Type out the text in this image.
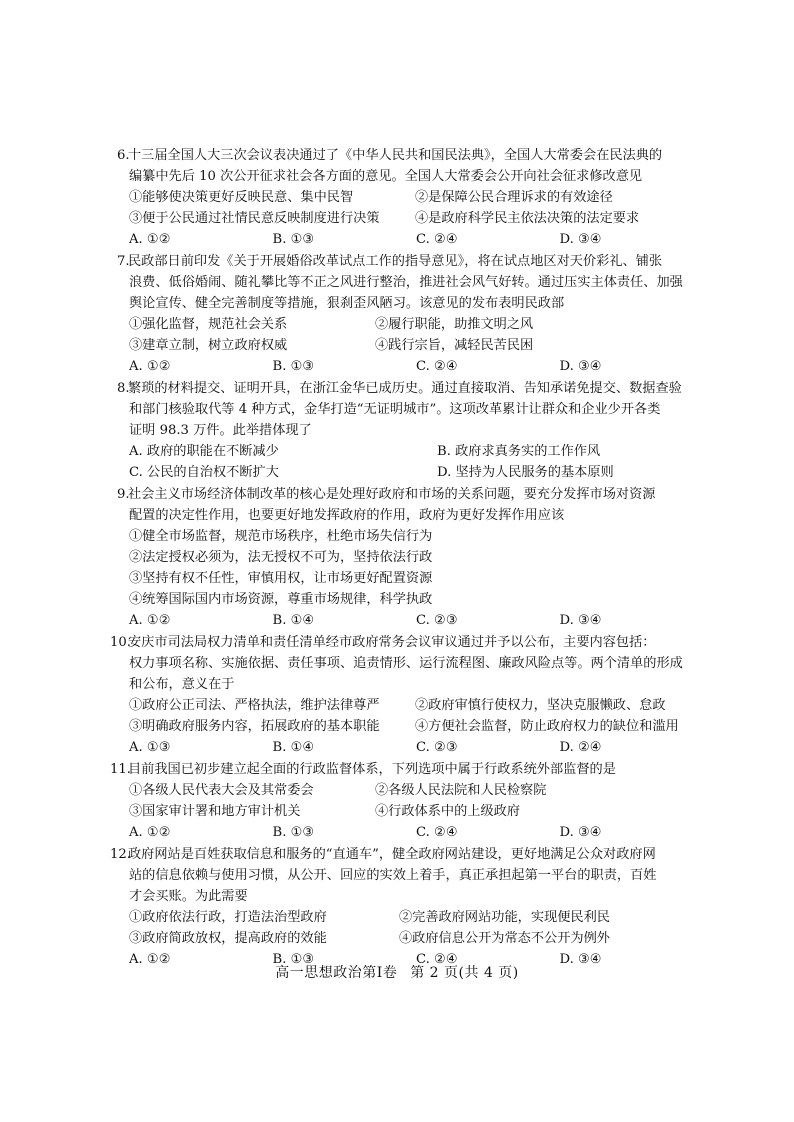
6.十三届全国人大三次会议表决通过了《中华人民共和国民法典》，全国人大常委会在民法典的

编纂中先后 10 次公开征求社会各方面的意见。全国人大常委会公开向社会征求修改意见

①能够使决策更好反映民意、集中民智	②是保障公民合理诉求的有效途径
③便于公民通过社情民意反映制度进行决策	④是政府科学民主依法决策的法定要求
A. ①②	B. ①③	C. ②④	D. ③④

7.民政部日前印发《关于开展婚俗改革试点工作的指导意见》，将在试点地区对天价彩礼、铺张

浪费、低俗婚闹、随礼攀比等不正之风进行整治，推进社会风气好转。通过压实主体责任、加强

舆论宣传、健全完善制度等措施，狠刹歪风陋习。该意见的发布表明民政部

①强化监督，规范社会关系	②履行职能，助推文明之风
③建章立制，树立政府权威	④践行宗旨，减轻民苦民困
A. ①②	B. ①③	C. ②④	D. ③④

8.繁琐的材料提交、证明开具，在浙江金华已成历史。通过直接取消、告知承诺免提交、数据查验

和部门核验取代等 4 种方式，金华打造“无证明城市”。这项改革累计让群众和企业少开各类

证明 98.3 万件。此举措体现了

A. 政府的职能在不断减少	B. 政府求真务实的工作作风
C. 公民的自治权不断扩大	D. 坚持为人民服务的基本原则

9.社会主义市场经济体制改革的核心是处理好政府和市场的关系问题，要充分发挥市场对资源

配置的决定性作用，也要更好地发挥政府的作用，政府为更好发挥作用应该

①健全市场监督，规范市场秩序，杜绝市场失信行为
②法定授权必须为，法无授权不可为，坚持依法行政
③坚持有权不任性，审慎用权，让市场更好配置资源
④统筹国际国内市场资源，尊重市场规律，科学执政
A. ①②	B. ①④	C. ②③	D. ③④

10.安庆市司法局权力清单和责任清单经市政府常务会议审议通过并予以公布，主要内容包括：

权力事项名称、实施依据、责任事项、追责情形、运行流程图、廉政风险点等。两个清单的形成

和公布，意义在于

①政府公正司法、严格执法，维护法律尊严	②政府审慎行使权力，坚决克服懒政、怠政
③明确政府服务内容，拓展政府的基本职能	④方便社会监督，防止政府权力的缺位和滥用
A. ①③	B. ①④	C. ②③	D. ②④

11.目前我国已初步建立起全面的行政监督体系，下列选项中属于行政系统外部监督的是

①各级人民代表大会及其常委会	②各级人民法院和人民检察院
③国家审计署和地方审计机关	④行政体系中的上级政府
A. ①②	B. ①③	C. ②④	D. ③④

12.政府网站是百姓获取信息和服务的“直通车”，健全政府网站建设，更好地满足公众对政府网

站的信息依赖与使用习惯，从公开、回应的实效上着手，真正承担起第一平台的职责，百姓

才会买账。为此需要

①政府依法行政，打造法治型政府	②完善政府网站功能，实现便民利民
③政府简政放权，提高政府的效能	④政府信息公开为常态不公开为例外
A. ①②	B. ①③	C. ②④	D. ③④
高一思想政治第Ⅰ卷 第 2 页(共 4 页)
